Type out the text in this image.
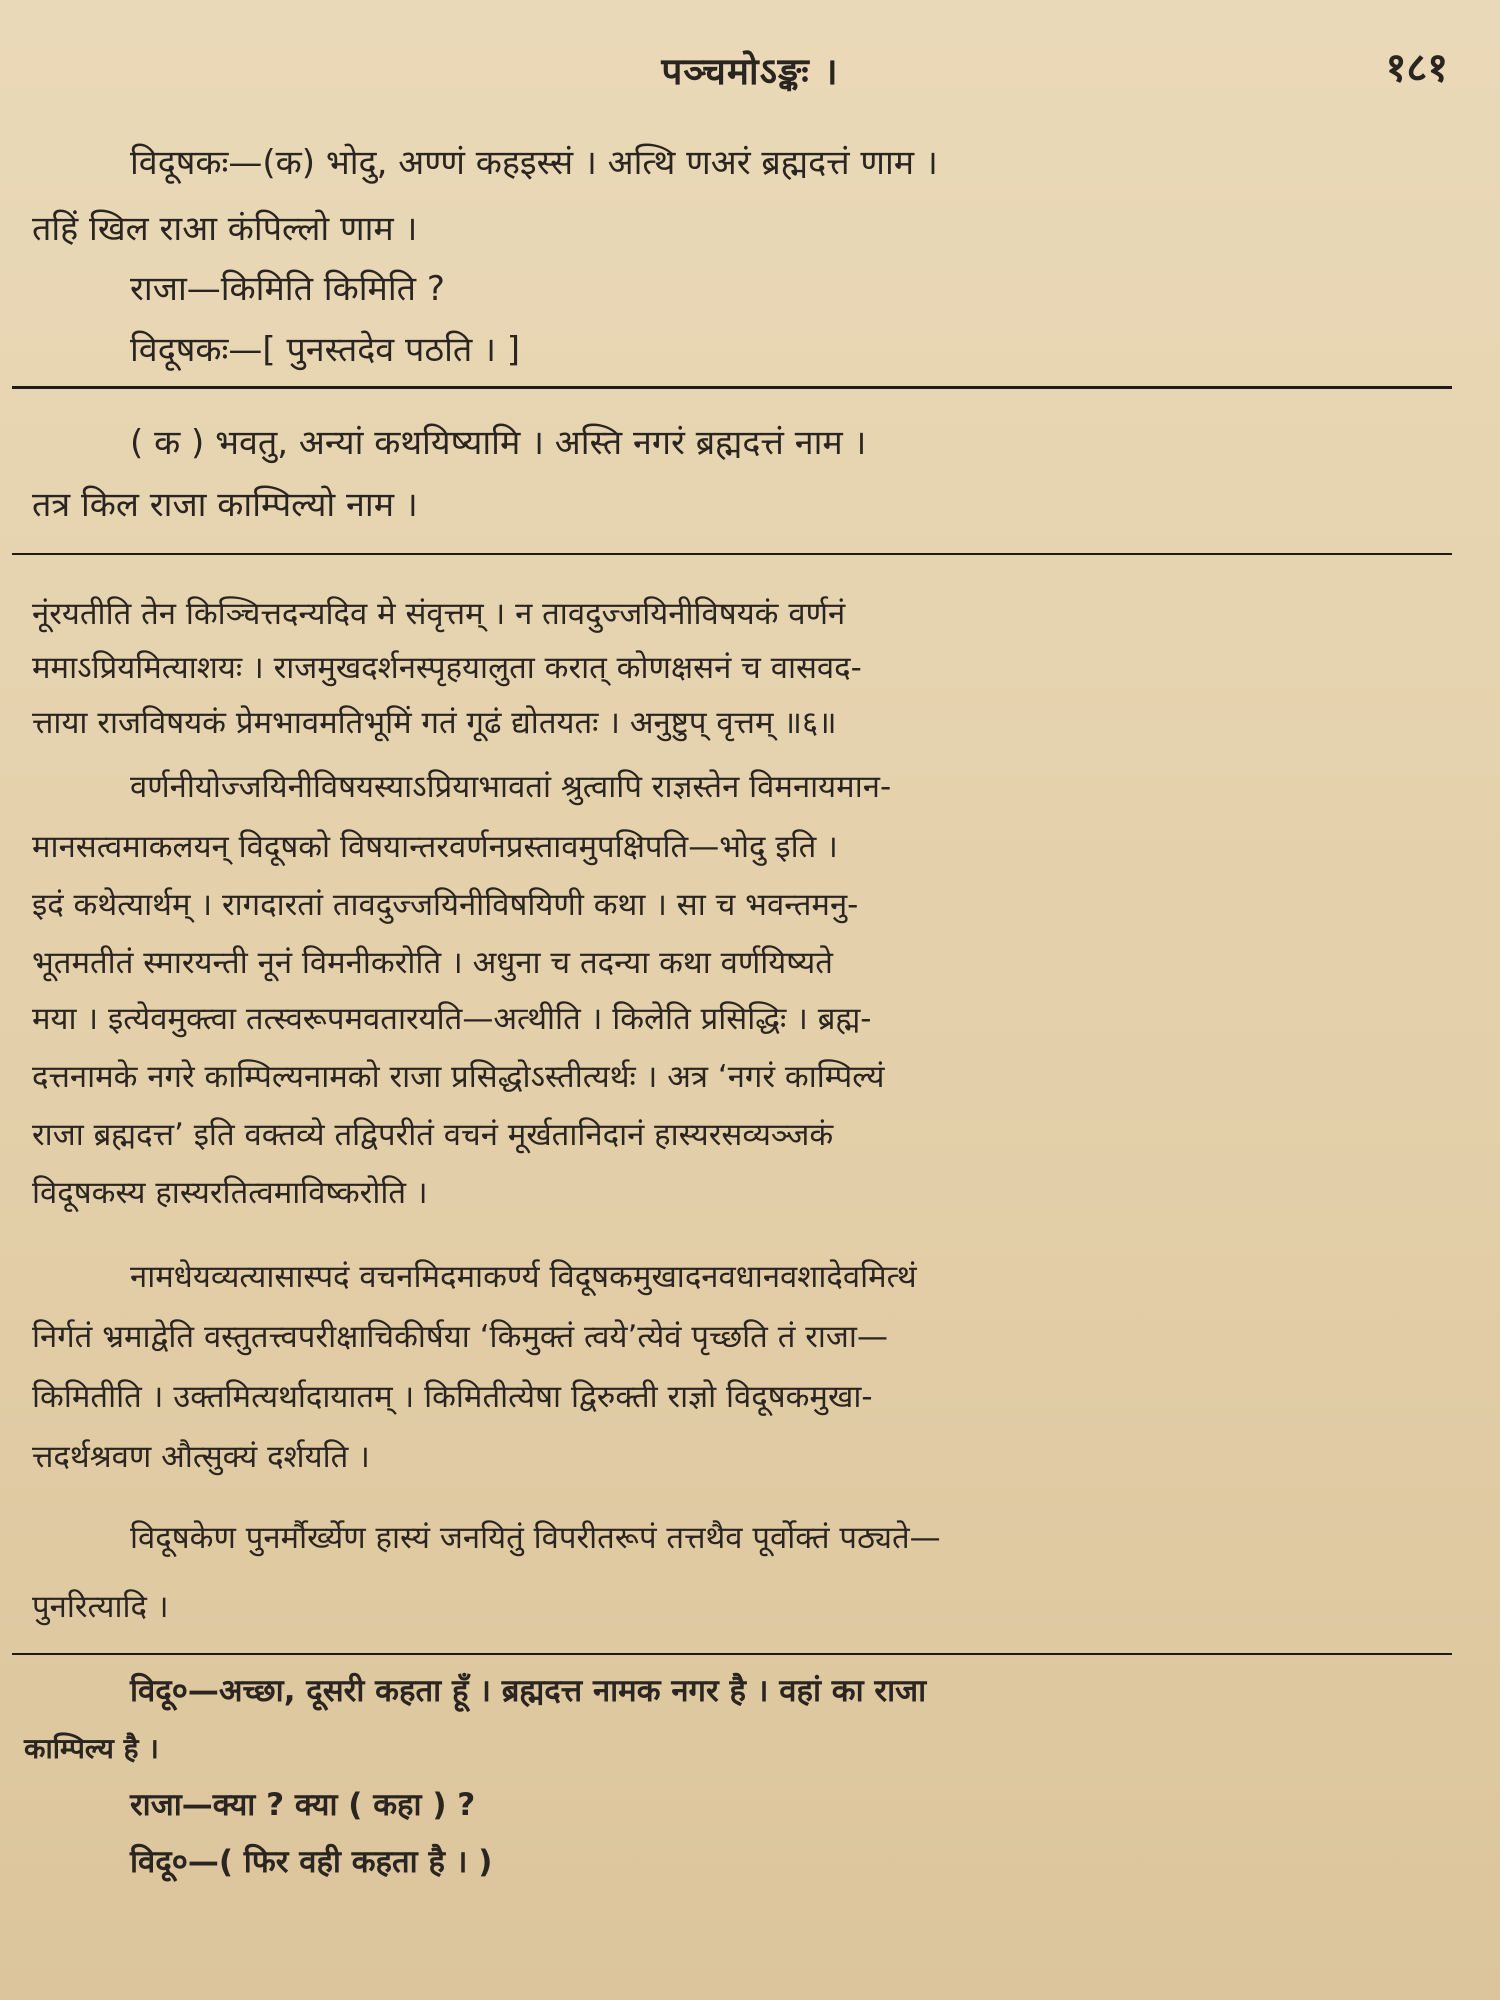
पञ्चमोऽङ्कः ।	१८१
विदूषकः—(क) भोदु, अण्णं कहइस्सं । अत्थि णअरं ब्रह्मदत्तं णाम ।
तहिं खिल राआ कंपिल्लो णाम ।
राजा—किमिति किमिति ?
विदूषकः—[ पुनस्तदेव पठति । ]
( क ) भवतु, अन्यां कथयिष्यामि । अस्ति नगरं ब्रह्मदत्तं नाम ।
तत्र किल राजा काम्पिल्यो नाम ।
नूंरयतीति तेन किञ्चित्तदन्यदिव मे संवृत्तम् । न तावदुज्जयिनीविषयकं वर्णनं
ममाऽप्रियमित्याशयः । राजमुखदर्शनस्पृहयालुता करात् कोणक्षसनं च वासवद-
त्ताया राजविषयकं प्रेमभावमतिभूमिं गतं गूढं द्योतयतः । अनुष्टुप् वृत्तम् ॥६॥
वर्णनीयोज्जयिनीविषयस्याऽप्रियाभावतां श्रुत्वापि राज्ञस्तेन विमनायमान-
मानसत्वमाकलयन् विदूषको विषयान्तरवर्णनप्रस्तावमुपक्षिपति—भोदु इति ।
इदं कथेत्यार्थम् । रागदारतां तावदुज्जयिनीविषयिणी कथा । सा च भवन्तमनु-
भूतमतीतं स्मारयन्ती नूनं विमनीकरोति । अधुना च तदन्या कथा वर्णयिष्यते
मया । इत्येवमुक्त्वा तत्स्वरूपमवतारयति—अत्थीति । किलेति प्रसिद्धिः । ब्रह्म-
दत्तनामके नगरे काम्पिल्यनामको राजा प्रसिद्धोऽस्तीत्यर्थः । अत्र ‘नगरं काम्पिल्यं
राजा ब्रह्मदत्त’ इति वक्तव्ये तद्विपरीतं वचनं मूर्खतानिदानं हास्यरसव्यञ्जकं
विदूषकस्य हास्यरतित्वमाविष्करोति ।
नामधेयव्यत्यासास्पदं वचनमिदमाकर्ण्य विदूषकमुखादनवधानवशादेवमित्थं
निर्गतं भ्रमाद्वेति वस्तुतत्त्वपरीक्षाचिकीर्षया ‘किमुक्तं त्वये’त्येवं पृच्छति तं राजा—
किमितीति । उक्तमित्यर्थादायातम् । किमितीत्येषा द्विरुक्ती राज्ञो विदूषकमुखा-
त्तदर्थश्रवण औत्सुक्यं दर्शयति ।
विदूषकेण पुनर्मौर्ख्येण हास्यं जनयितुं विपरीतरूपं तत्तथैव पूर्वोक्तं पठ्यते—
पुनरित्यादि ।
विदू०—अच्छा, दूसरी कहता हूँ । ब्रह्मदत्त नामक नगर है । वहां का राजा
काम्पिल्य है ।
राजा—क्या ? क्या ( कहा ) ?
विदू०—( फिर वही कहता है । )
